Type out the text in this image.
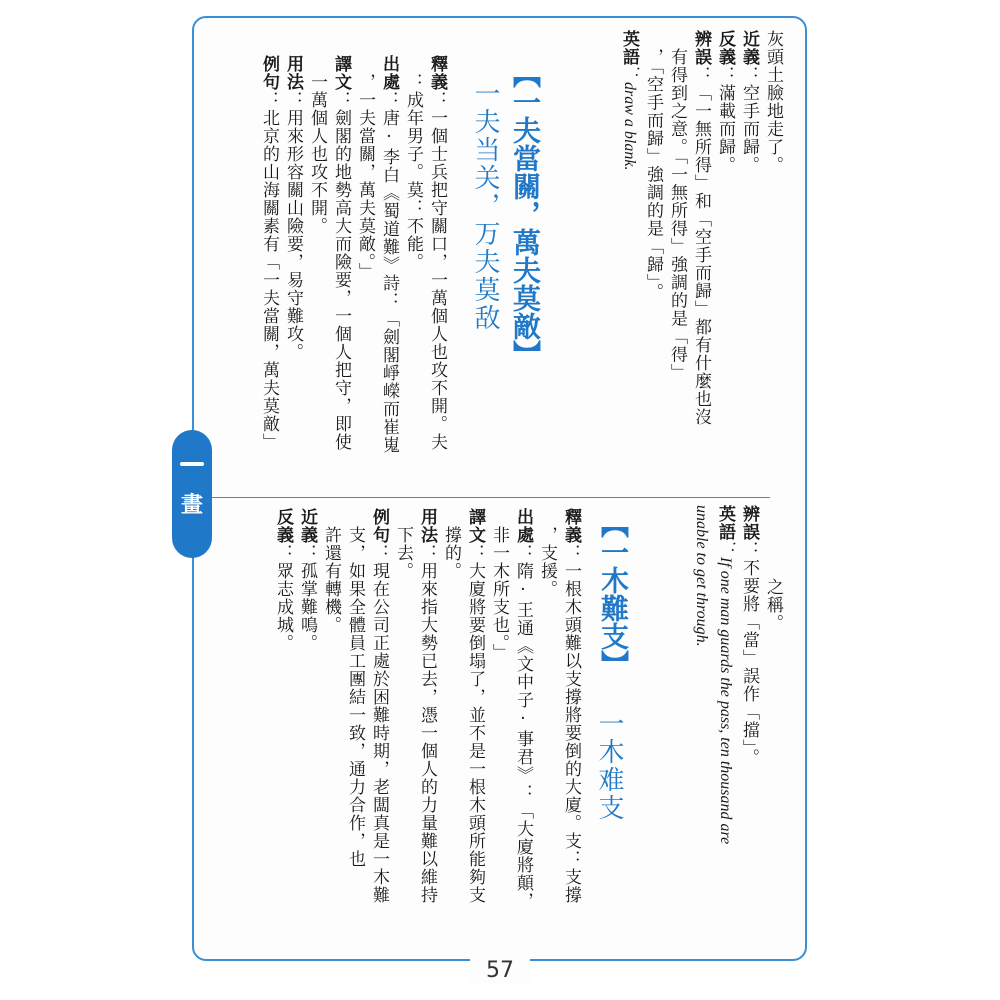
畫
灰頭土臉地走了。
近義：空手而歸。
反義：滿載而歸。
辨誤：「一無所得」和「空手而歸」都有什麼也沒
　有得到之意。「一無所得」強調的是「得」
　，「空手而歸」強調的是「歸」。
英語：draw a blank.
【一夫當關，萬夫莫敵】
一夫当关，万夫莫敌
釋義：一個士兵把守關口，一萬個人也攻不開。夫
　：成年男子。莫：不能。
出處：唐·李白《蜀道難》詩：「劍閣崢嶸而崔嵬
　，一夫當關，萬夫莫敵。」
譯文：劍閣的地勢高大而險要，一個人把守，即使
　一萬個人也攻不開。
用法：用來形容關山險要，易守難攻。
例句：北京的山海關素有「一夫當關，萬夫莫敵」
之稱。
辨誤：不要將「當」誤作「擋」。
英語：If one man guards the pass, ten thousand are
unable to get through.
【一木難支】
一木难支
釋義：一根木頭難以支撐將要倒的大廈。支：支撐
　，支援。
出處：隋·王通《文中子·事君》：「大廈將顛，
　非一木所支也。」
譯文：大廈將要倒塌了，並不是一根木頭所能夠支
　撐的。
用法：用來指大勢已去，憑一個人的力量難以維持
　下去。
例句：現在公司正處於困難時期，老闆真是一木難
　支，如果全體員工團結一致，通力合作，也
　許還有轉機。
近義：孤掌難鳴。
反義：眾志成城。
57
